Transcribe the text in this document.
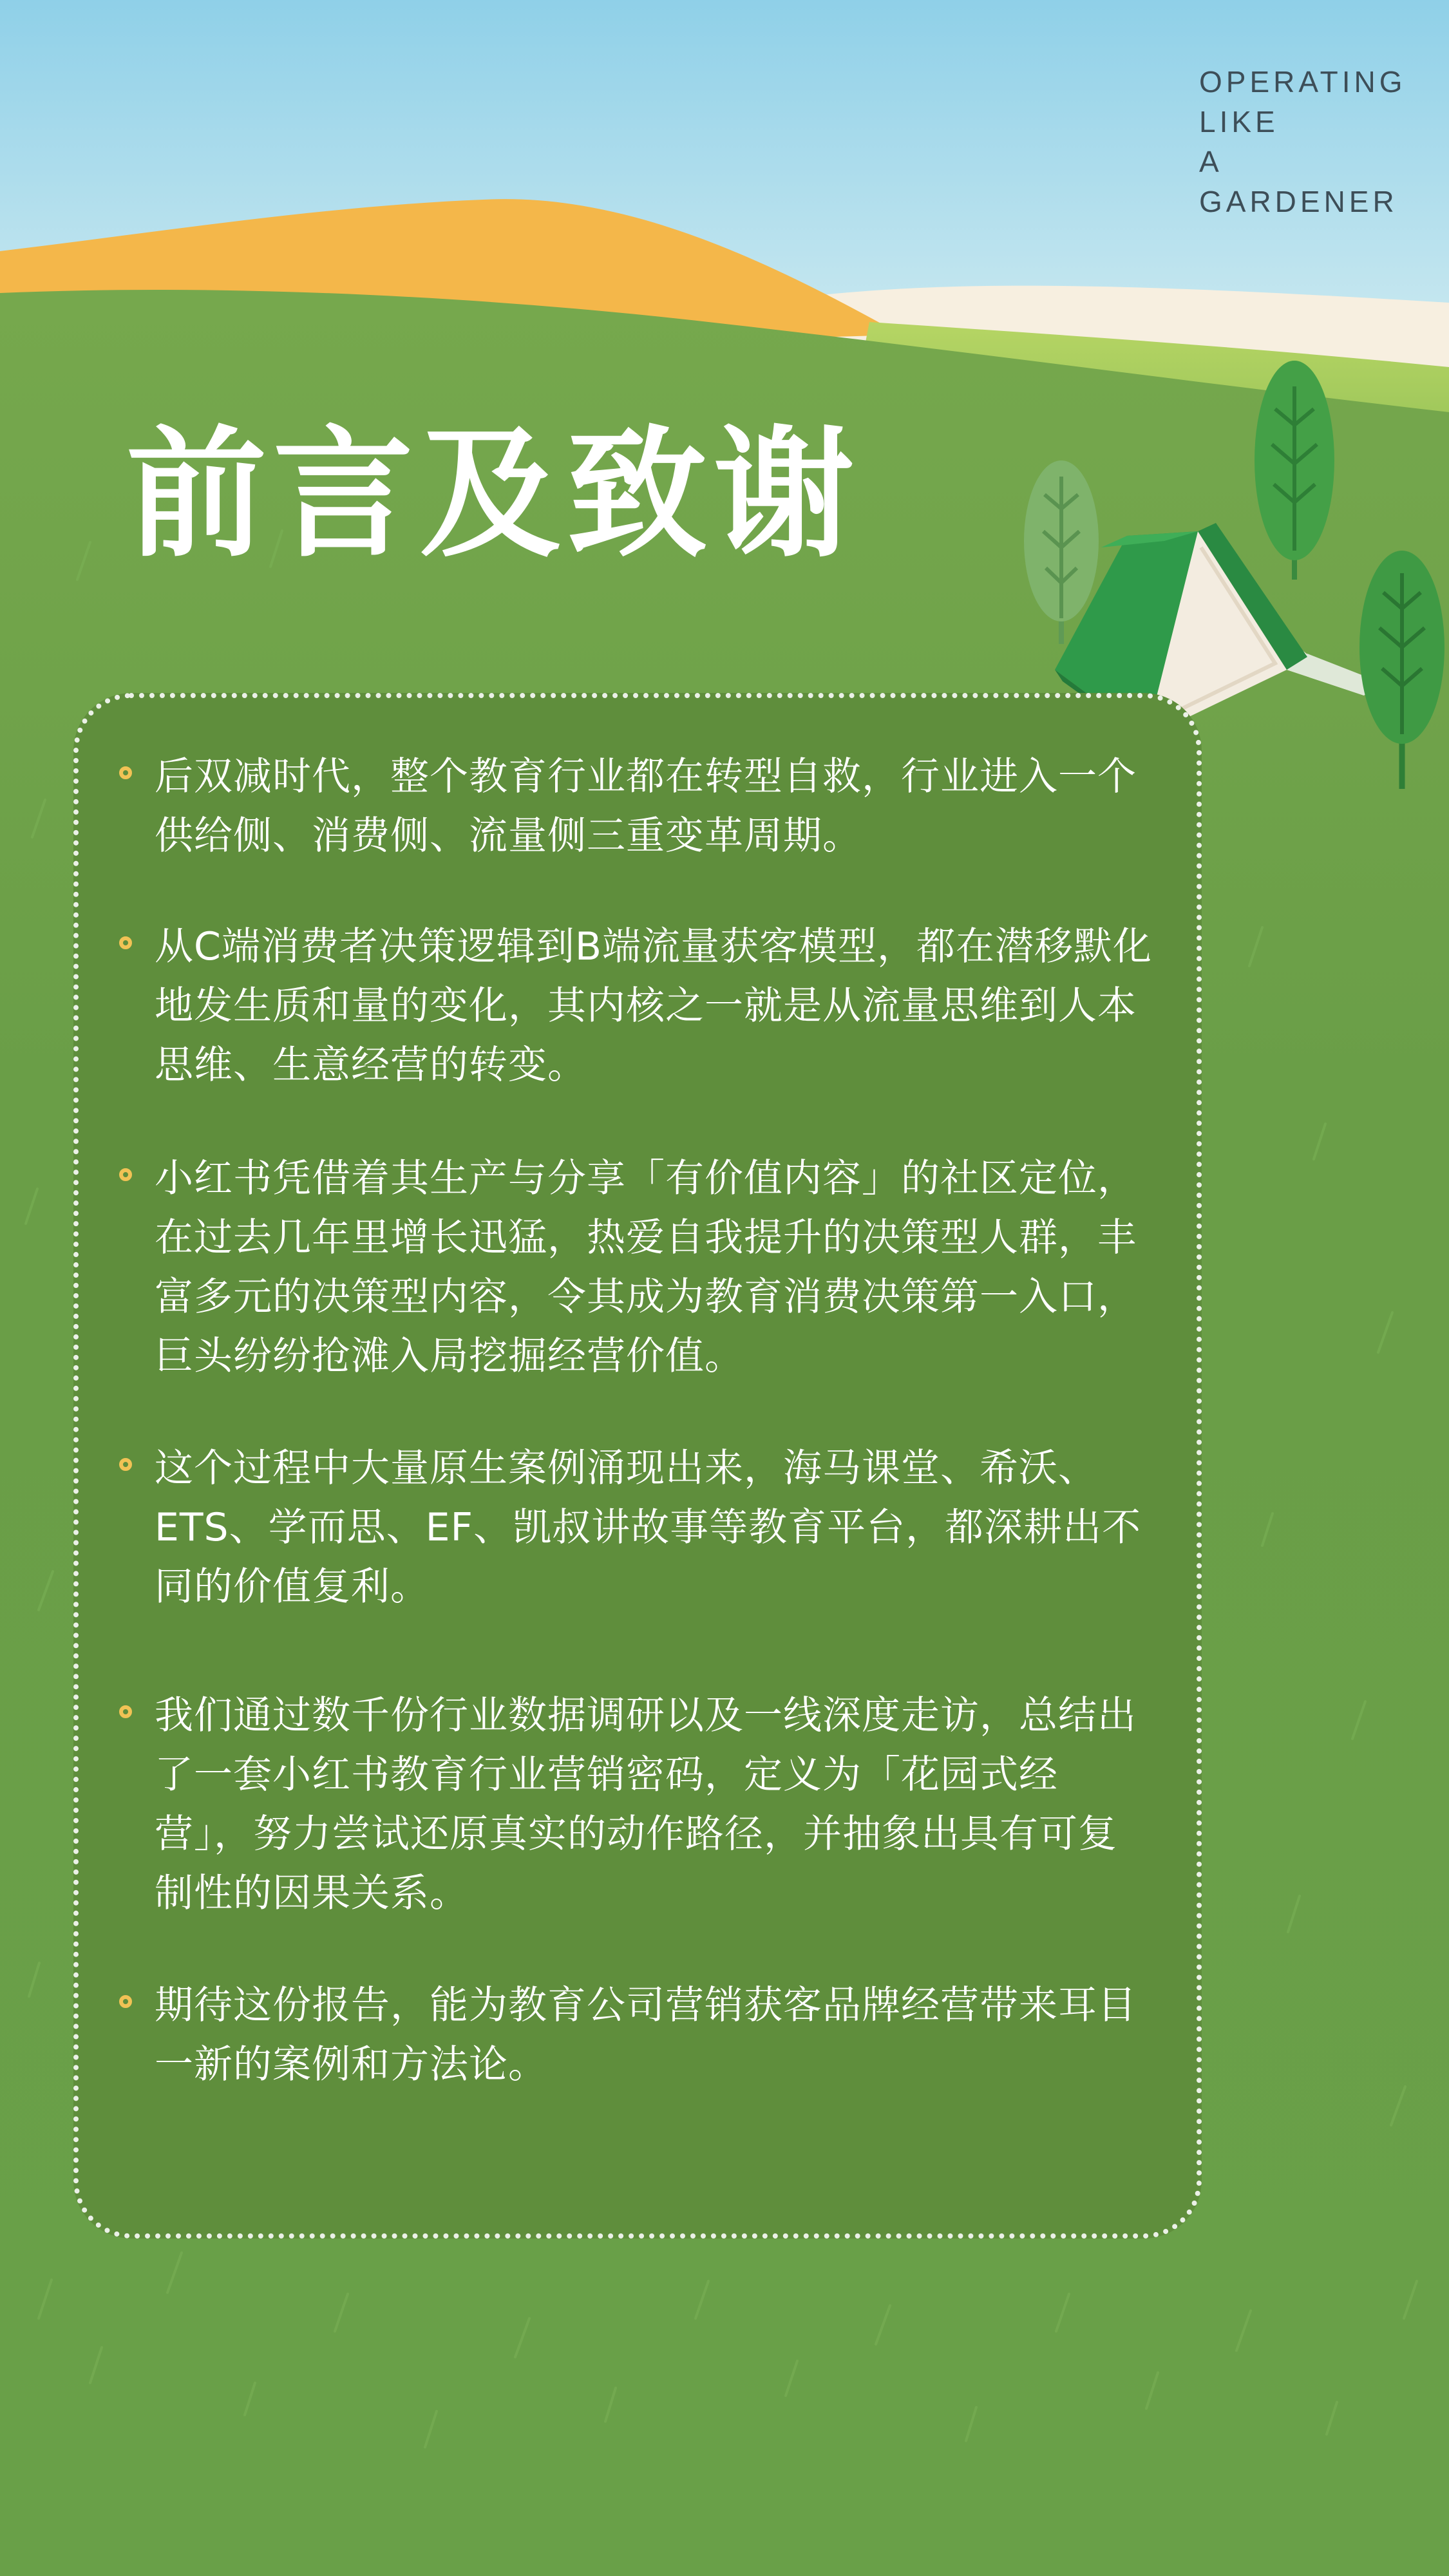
OPERATING
LIKE
A
GARDENER
前言及致谢
后双减时代，整个教育行业都在转型自救，行业进入一个供给侧、消费侧、流量侧三重变革周期。
从C端消费者决策逻辑到B端流量获客模型，都在潜移默化地发生质和量的变化，其内核之一就是从流量思维到人本思维、生意经营的转变。
小红书凭借着其生产与分享「有价值内容」的社区定位，在过去几年里增长迅猛，热爱自我提升的决策型人群，丰富多元的决策型内容，令其成为教育消费决策第一入口，巨头纷纷抢滩入局挖掘经营价值。
这个过程中大量原生案例涌现出来，海马课堂、希沃、ETS、学而思、EF、凯叔讲故事等教育平台，都深耕出不同的价值复利。
我们通过数千份行业数据调研以及一线深度走访，总结出了一套小红书教育行业营销密码，定义为「花园式经营」，努力尝试还原真实的动作路径，并抽象出具有可复制性的因果关系。
期待这份报告，能为教育公司营销获客品牌经营带来耳目一新的案例和方法论。
